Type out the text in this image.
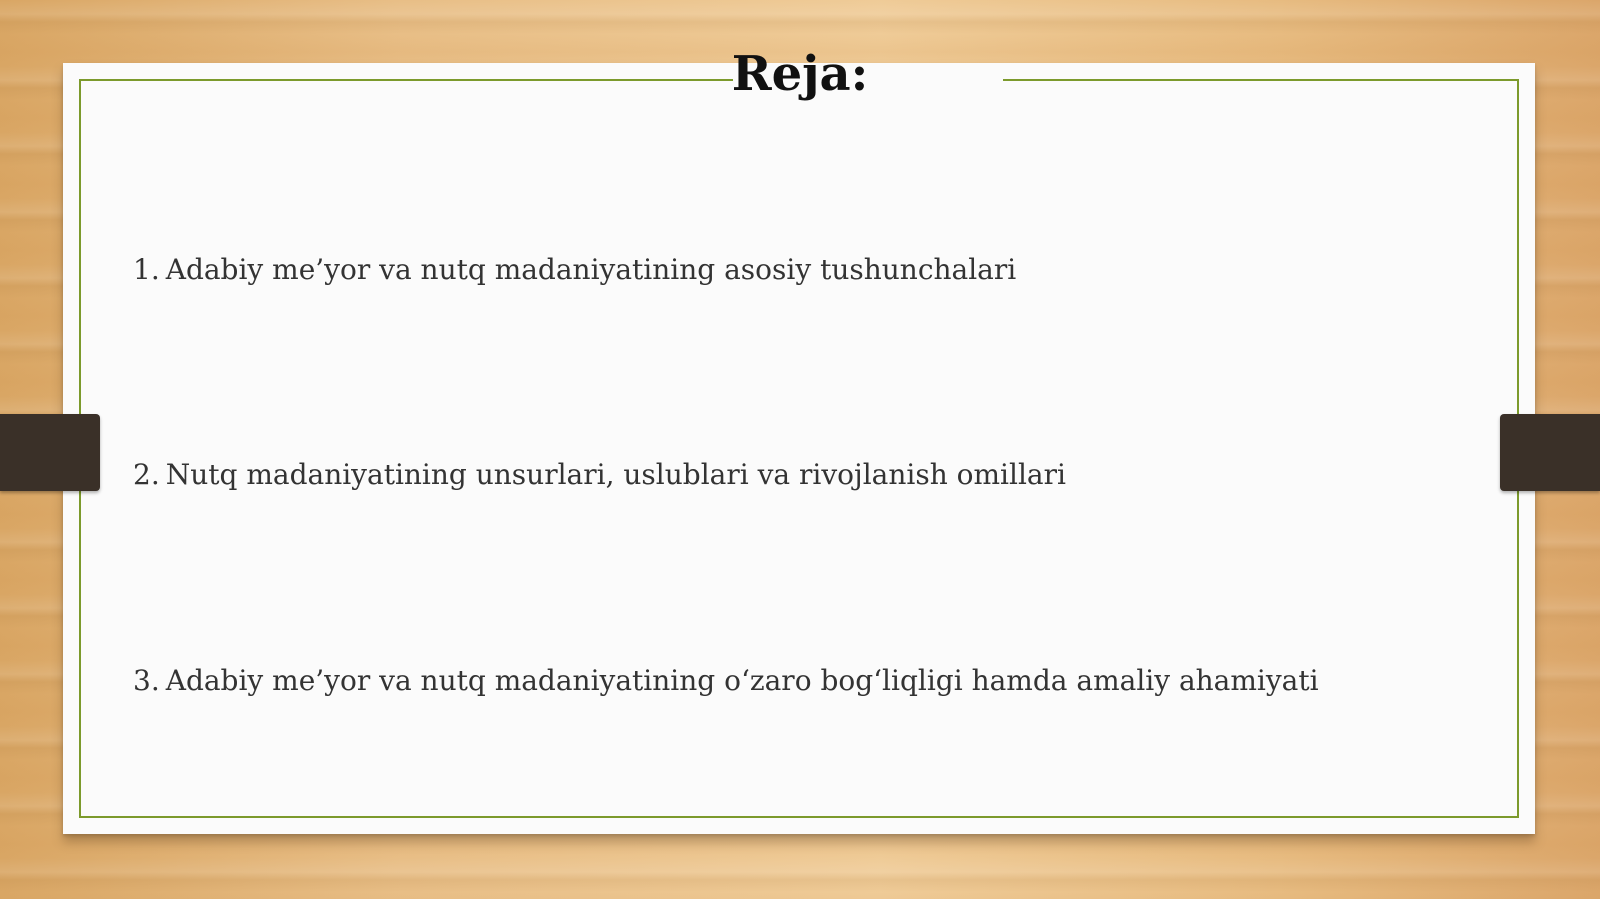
Reja:
1. Adabiy me’yor va nutq madaniyatining asosiy tushunchalari
2. Nutq madaniyatining unsurlari, uslublari va rivojlanish omillari
3. Adabiy me’yor va nutq madaniyatining o‘zaro bog‘liqligi hamda amaliy ahamiyati
